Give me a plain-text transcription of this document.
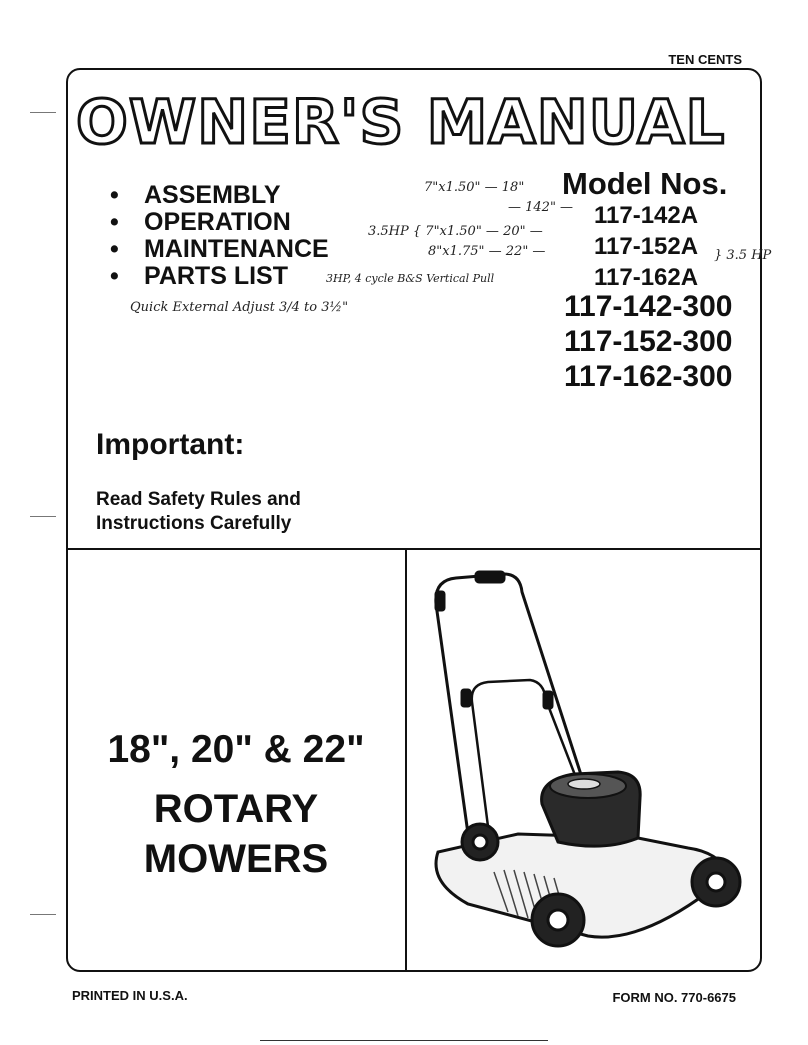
TEN CENTS
OWNER'S MANUAL
• ASSEMBLY
• OPERATION
• MAINTENANCE
• PARTS LIST
Model Nos.
117-142A
117-152A
117-162A
117-142-300
117-152-300
117-162-300
7"x1.50" — 18"
— 142" —
3.5HP { 7"x1.50" — 20" —
8"x1.75" — 22" —	} 3.5 HP
3HP, 4 cycle B&S Vertical Pull
Quick External Adjust 3/4 to 3½"
Important:
Read Safety Rules and
Instructions Carefully
18", 20" & 22"
ROTARY
MOWERS
PRINTED IN U.S.A.	FORM NO. 770-6675
